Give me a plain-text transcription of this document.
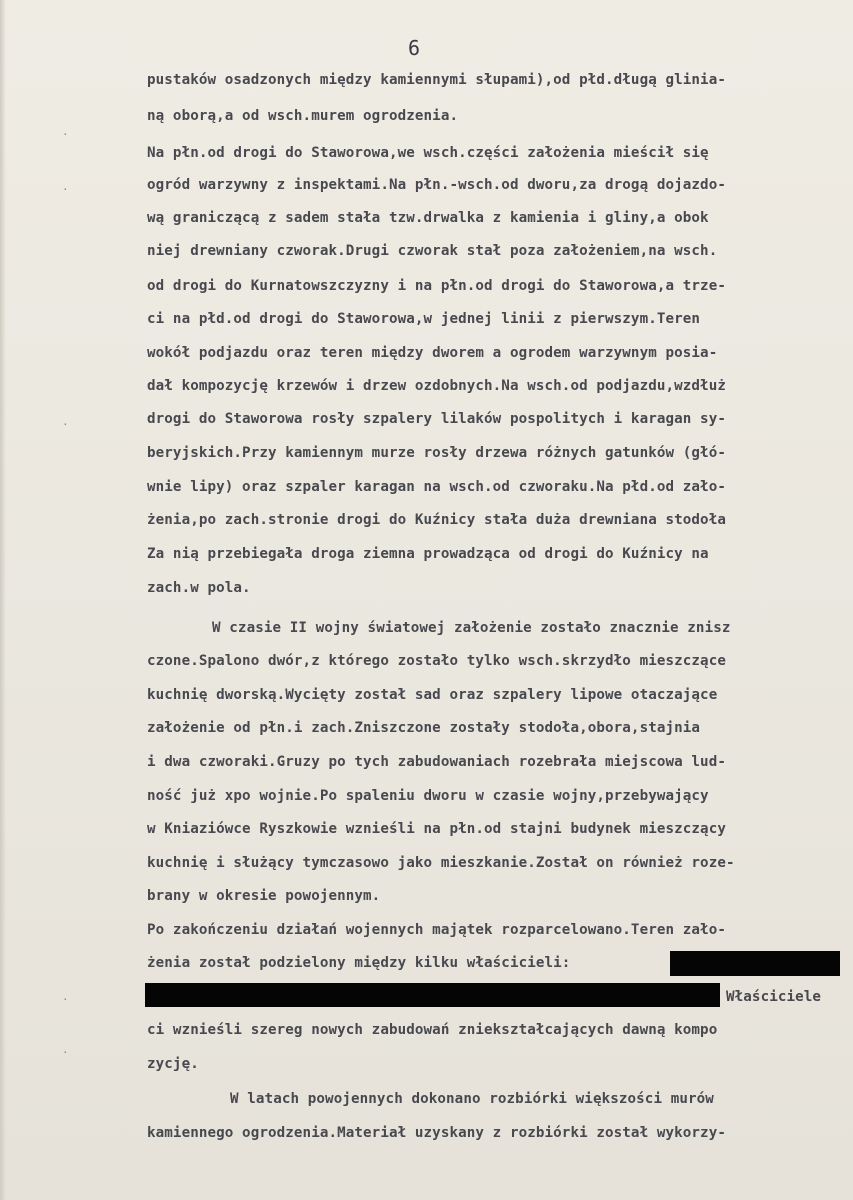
6
pustaków osadzonych między kamiennymi słupami),od płd.długą gliniа-
ną oborą,a od wsch.murem ogrodzenia.
Na płn.od drogi do Staworowa,we wsch.części założenia mieścił się
ogród warzywny z inspektami.Na płn.-wsch.od dworu,za drogą dojazdo-
wą graniczącą z sadem stała tzw.drwalka z kamienia i gliny,a obok
niej drewniany czworak.Drugi czworak stał poza założeniem,na wsch.
od drogi do Kurnatowszczyzny i na płn.od drogi do Staworowa,a trze-
ci na płd.od drogi do Staworowa,w jednej linii z pierwszym.Teren
wokół podjazdu oraz teren między dworem a ogrodem warzywnym posia-
dał kompozycję krzewów i drzew ozdobnych.Na wsch.od podjazdu,wzdłuż
drogi do Staworowa rosły szpalery lilaków pospolitych i karagan sy-
beryjskich.Przy kamiennym murze rosły drzewa różnych gatunków (głó-
wnie lipy) oraz szpaler karagan na wsch.od czworaku.Na płd.od zało-
żenia,po zach.stronie drogi do Kuźnicy stała duża drewniana stodoła
Za nią przebiegała droga ziemna prowadząca od drogi do Kuźnicy na
zach.w pola.
W czasie II wojny światowej założenie zostało znacznie znisz
czone.Spalono dwór,z którego zostało tylko wsch.skrzydło mieszczące
kuchnię dworską.Wycięty został sad oraz szpalery lipowe otaczające
założenie od płn.i zach.Zniszczone zostały stodoła,obora,stajnia
i dwa czworaki.Gruzy po tych zabudowaniach rozebrała miejscowa lud-
ność już xpo wojnie.Po spaleniu dworu w czasie wojny,przebywający
w Kniaziówce Ryszkowie wznieśli na płn.od stajni budynek mieszczący
kuchnię i służący tymczasowo jako mieszkanie.Został on również roze-
brany w okresie powojennym.
Po zakończeniu działań wojennych majątek rozparcelowano.Teren zało-
żenia został podzielony między kilku właścicieli:
Właściciele
ci wznieśli szereg nowych zabudowań zniekształcających dawną kompo
zycję.
W latach powojennych dokonano rozbiórki większości murów
kamiennego ogrodzenia.Materiał uzyskany z rozbiórki został wykorzy-
·
·
·
·
·
